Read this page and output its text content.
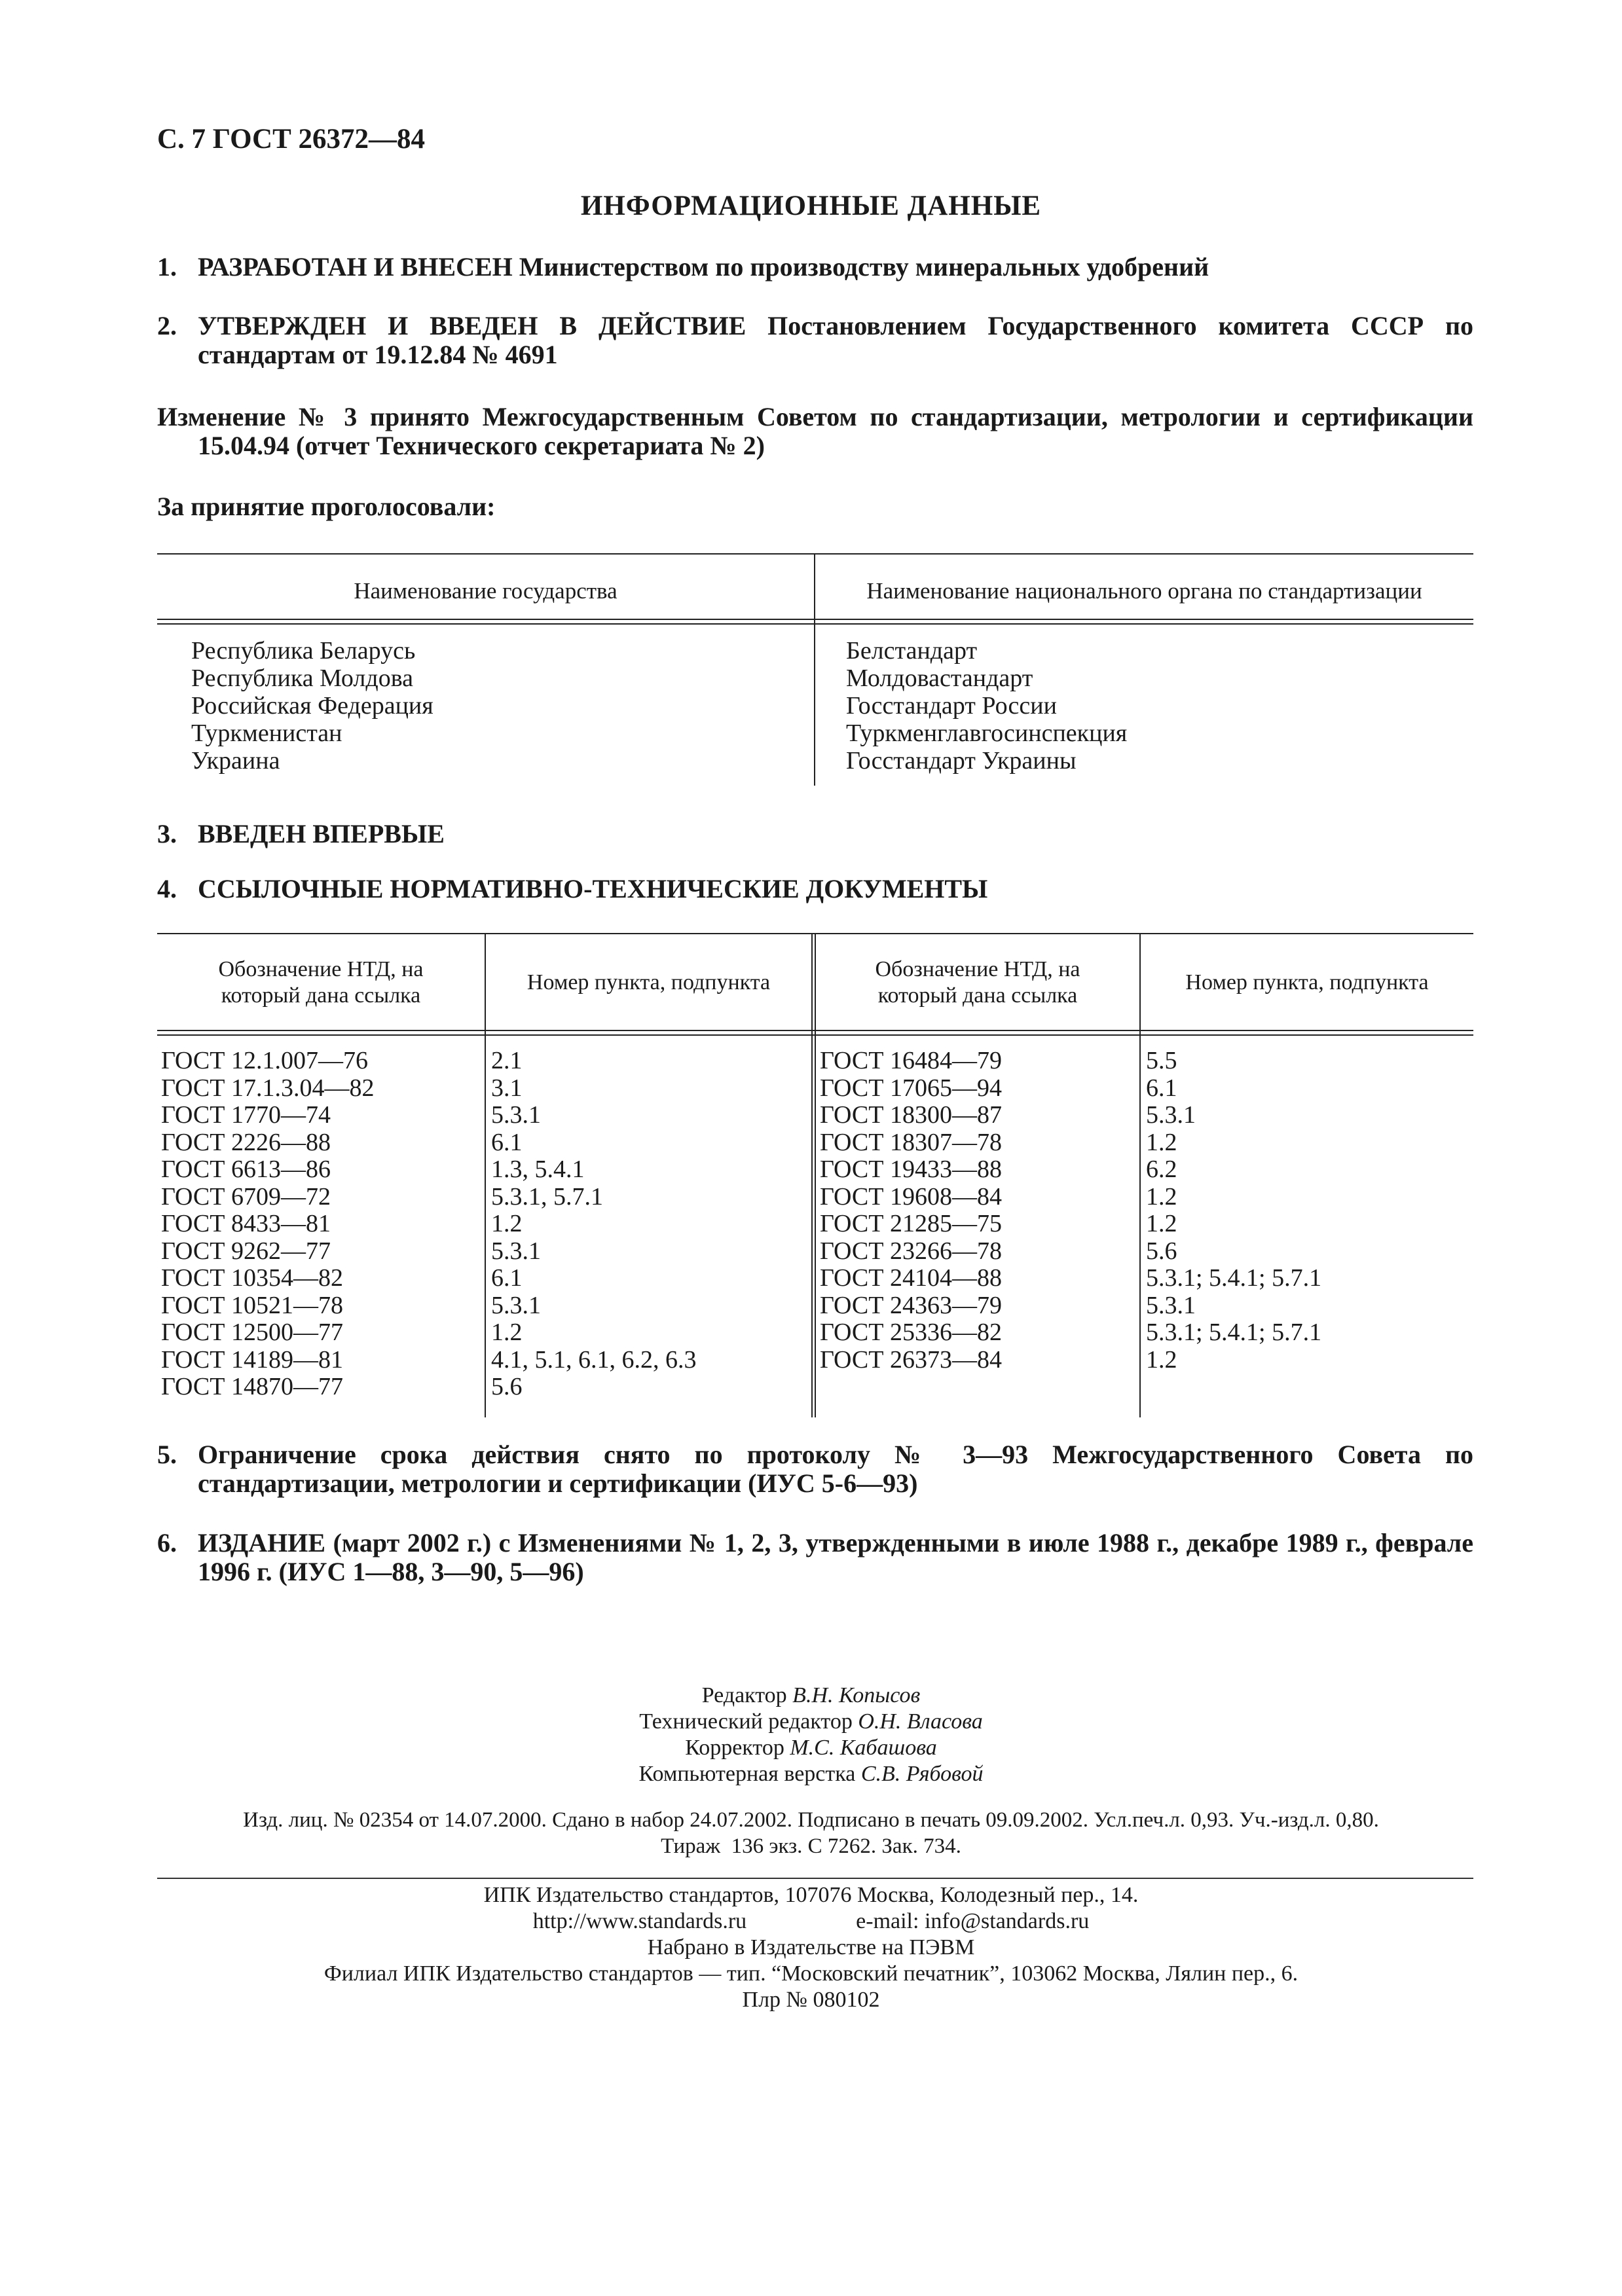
С. 7 ГОСТ 26372—84
ИНФОРМАЦИОННЫЕ ДАННЫЕ
1. РАЗРАБОТАН И ВНЕСЕН Министерством по производству минеральных удобрений
2. УТВЕРЖДЕН И ВВЕДЕН В ДЕЙСТВИЕ Постановлением Государственного комитета СССР по стандартам от 19.12.84 № 4691
Изменение № 3 принято Межгосударственным Советом по стандартизации, метрологии и сертификации 15.04.94 (отчет Технического секретариата № 2)
За принятие проголосовали:
Наименование государства	Наименование национального органа по стандартизации
Республика Беларусь
Республика Молдова
Российская Федерация
Туркменистан
Украина
Белстандарт
Молдовастандарт
Госстандарт России
Туркменглавгосинспекция
Госстандарт Украины
3. ВВЕДЕН ВПЕРВЫЕ
4. ССЫЛОЧНЫЕ НОРМАТИВНО-ТЕХНИЧЕСКИЕ ДОКУМЕНТЫ
Обозначение НТД, на
который дана ссылка
Номер пункта, подпункта
Обозначение НТД, на
который дана ссылка
Номер пункта, подпункта
ГОСТ 12.1.007—76
ГОСТ 17.1.3.04—82
ГОСТ 1770—74
ГОСТ 2226—88
ГОСТ 6613—86
ГОСТ 6709—72
ГОСТ 8433—81
ГОСТ 9262—77
ГОСТ 10354—82
ГОСТ 10521—78
ГОСТ 12500—77
ГОСТ 14189—81
ГОСТ 14870—77
2.1
3.1
5.3.1
6.1
1.3, 5.4.1
5.3.1, 5.7.1
1.2
5.3.1
6.1
5.3.1
1.2
4.1, 5.1, 6.1, 6.2, 6.3
5.6
ГОСТ 16484—79
ГОСТ 17065—94
ГОСТ 18300—87
ГОСТ 18307—78
ГОСТ 19433—88
ГОСТ 19608—84
ГОСТ 21285—75
ГОСТ 23266—78
ГОСТ 24104—88
ГОСТ 24363—79
ГОСТ 25336—82
ГОСТ 26373—84
5.5
6.1
5.3.1
1.2
6.2
1.2
1.2
5.6
5.3.1; 5.4.1; 5.7.1
5.3.1
5.3.1; 5.4.1; 5.7.1
1.2
5. Ограничение срока действия снято по протоколу № 3—93 Межгосударственного Совета по стандартизации, метрологии и сертификации (ИУС 5-6—93)
6. ИЗДАНИЕ (март 2002 г.) с Изменениями № 1, 2, 3, утвержденными в июле 1988 г., декабре 1989 г., феврале 1996 г. (ИУС 1—88, 3—90, 5—96)
Редактор В.Н. Копысов
Технический редактор О.Н. Власова
Корректор М.С. Кабашова
Компьютерная верстка С.В. Рябовой
Изд. лиц. № 02354 от 14.07.2000. Сдано в набор 24.07.2002. Подписано в печать 09.09.2002. Усл.печ.л. 0,93. Уч.-изд.л. 0,80.
Тираж  136 экз. С 7262. Зак. 734.
ИПК Издательство стандартов, 107076 Москва, Колодезный пер., 14.
http://www.standards.ru	e-mail: info@standards.ru
Набрано в Издательстве на ПЭВМ
Филиал ИПК Издательство стандартов — тип. “Московский печатник”, 103062 Москва, Лялин пер., 6.
Плр № 080102
